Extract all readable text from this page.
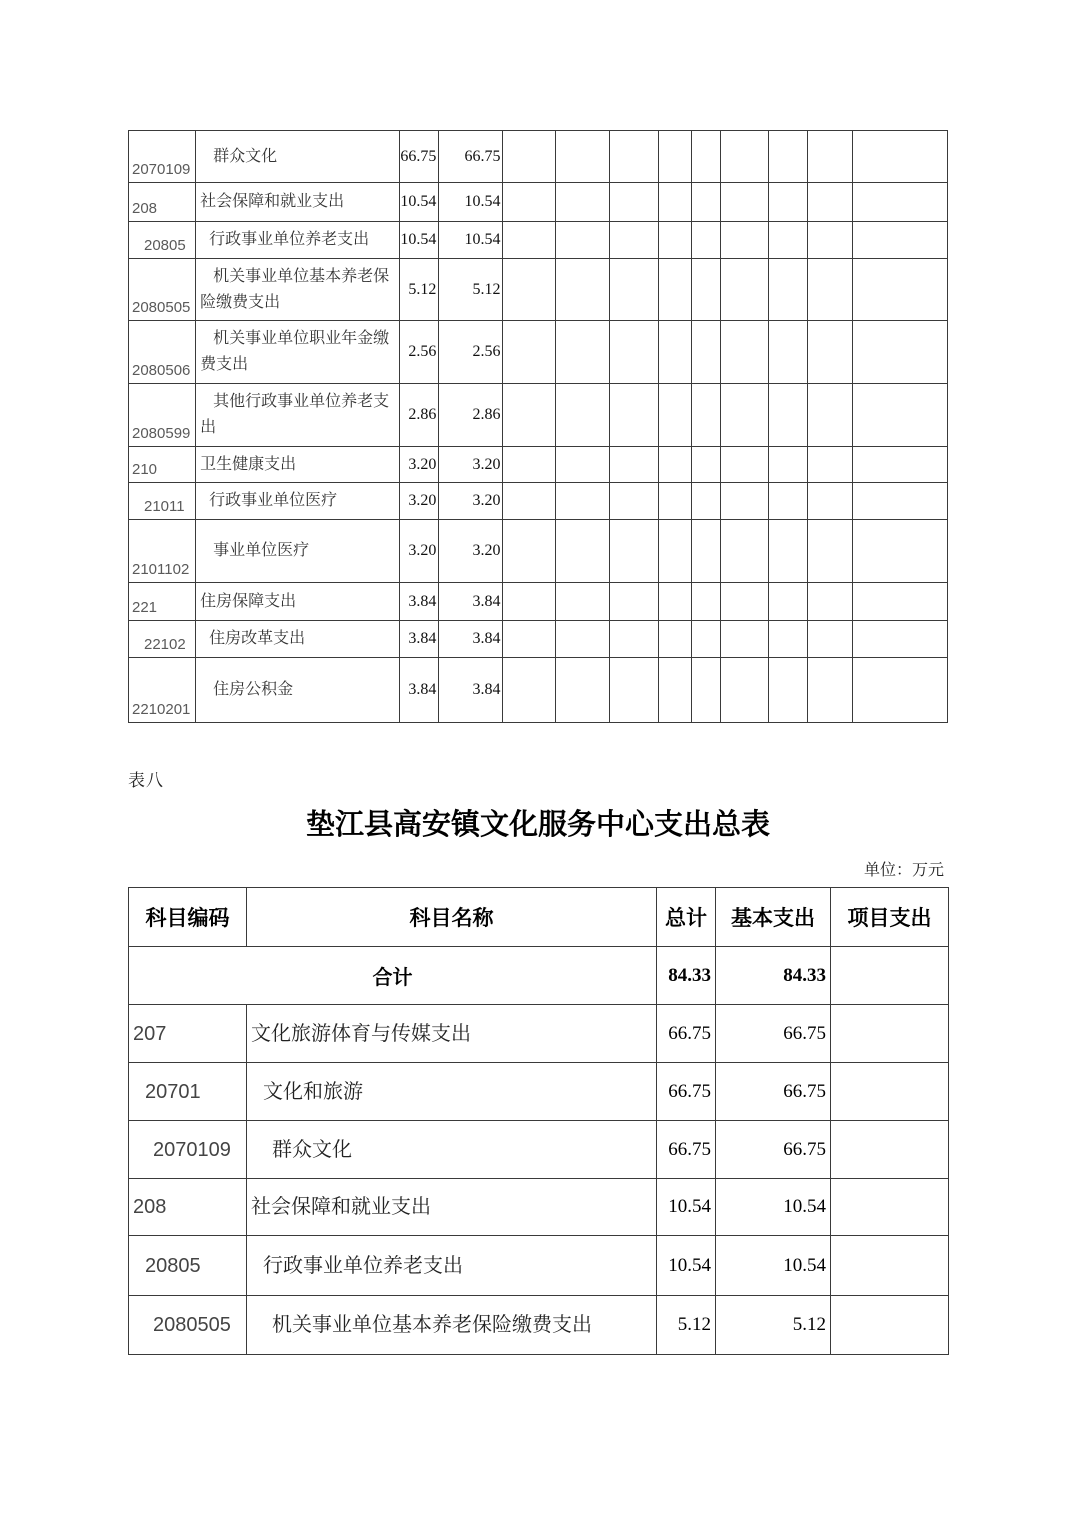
2070109	群众文化	66.75	66.75									
208	社会保障和就业支出	10.54	10.54									
20805	行政事业单位养老支出	10.54	10.54									
2080505	机关事业单位基本养老保险缴费支出	5.12	5.12									
2080506	机关事业单位职业年金缴费支出	2.56	2.56									
2080599	其他行政事业单位养老支出	2.86	2.86									
210	卫生健康支出	3.20	3.20									
21011	行政事业单位医疗	3.20	3.20									
2101102	事业单位医疗	3.20	3.20									
221	住房保障支出	3.84	3.84									
22102	住房改革支出	3.84	3.84									
2210201	住房公积金	3.84	3.84									
表八
垫江县高安镇文化服务中心支出总表
单位：万元
科目编码	科目名称	总计	基本支出	项目支出
合计		84.33	84.33	
207	文化旅游体育与传媒支出	66.75	66.75	
20701	文化和旅游	66.75	66.75	
2070109	群众文化	66.75	66.75	
208	社会保障和就业支出	10.54	10.54	
20805	行政事业单位养老支出	10.54	10.54	
2080505	机关事业单位基本养老保险缴费支出	5.12	5.12	
